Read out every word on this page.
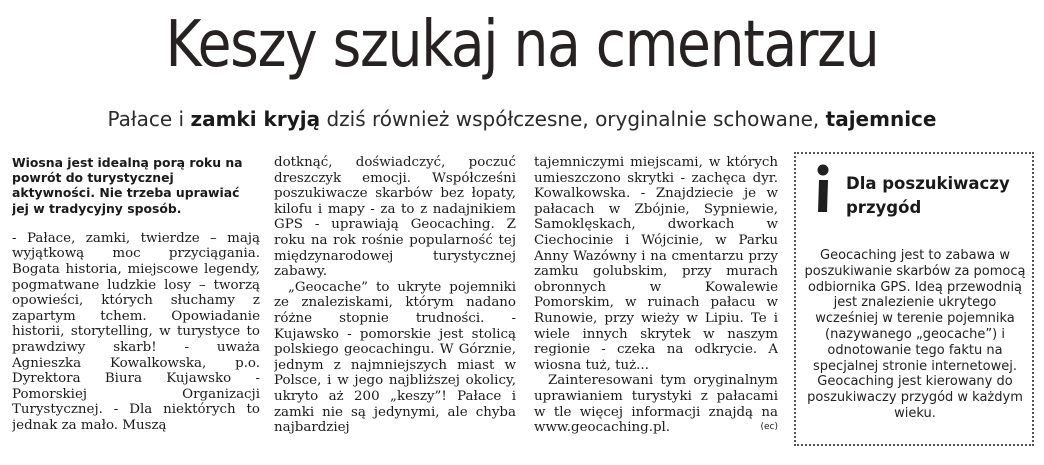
Keszy szukaj na cmentarzu
Pałace i zamki kryją dziś również współczesne, oryginalnie schowane, tajemnice

Wiosna jest idealną porą roku na powrót do turystycznej aktywności. Nie trzeba uprawiać jej w tradycyjny sposób.

- Pałace, zamki, twierdze – mają wyjątkową moc przyciągania. Bogata historia, miejscowe legendy, pogmatwane ludzkie losy – tworzą opowieści, których słuchamy z zapartym tchem. Opowiadanie historii, storytelling, w turystyce to prawdziwy skarb! - uważa Agnieszka Kowalkowska, p.o. Dyrektora Biura Kujawsko - Pomorskiej Organizacji Turystycznej. - Dla niektórych to jednak za mało. Muszą

dotknąć, doświadczyć, poczuć dreszczyk emocji. Współcześni poszukiwacze skarbów bez łopaty, kilofu i mapy - za to z nadajnikiem GPS - uprawiają Geocaching. Z roku na rok rośnie popularność tej międzynarodowej turystycznej zabawy.

„Geocache” to ukryte pojemniki ze znaleziskami, którym nadano różne stopnie trudności. - Kujawsko - pomorskie jest stolicą polskiego geocachingu. W Górznie, jednym z najmniejszych miast w Polsce, i w jego najbliższej okolicy, ukryto aż 200 „keszy”! Pałace i zamki nie są jedynymi, ale chyba najbardziej

tajemniczymi miejscami, w których umieszczono skrytki - zachęca dyr. Kowalkowska. - Znajdziecie je w pałacach w Zbójnie, Sypniewie, Samoklęskach, dworkach w Ciechocinie i Wójcinie, w Parku Anny Wazówny i na cmentarzu przy zamku golubskim, przy murach obronnych w Kowalewie Pomorskim, w ruinach pałacu w Runowie, przy wieży w Lipiu. Te i wiele innych skrytek w naszym regionie - czeka na odkrycie. A wiosna tuż, tuż...

Zainteresowani tym oryginalnym uprawianiem turystyki z pałacami w tle więcej informacji znajdą na www.geocaching.pl.	(ec)

Dla poszukiwaczy przygód
Geocaching jest to zabawa w poszukiwanie skarbów za pomocą odbiornika GPS. Ideą przewodnią jest znalezienie ukrytego wcześniej w terenie pojemnika (nazywanego „geocache”) i odnotowanie tego faktu na specjalnej stronie internetowej. Geocaching jest kierowany do poszukiwaczy przygód w każdym wieku.
